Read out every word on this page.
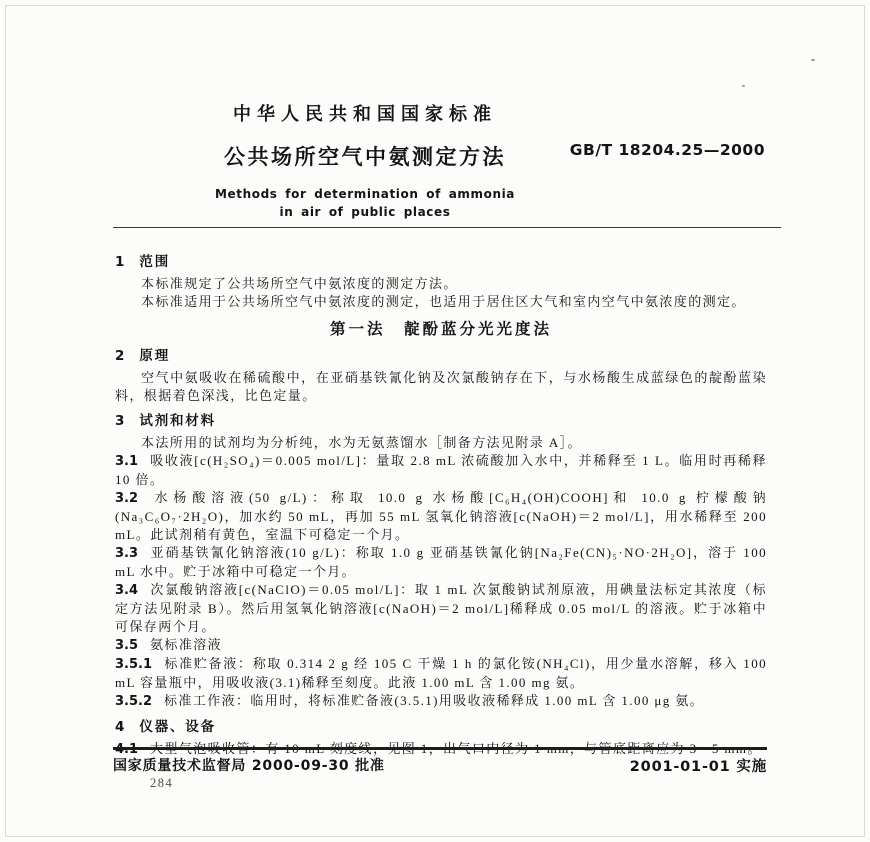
中华人民共和国国家标准
公共场所空气中氨测定方法
Methods for determination of ammonia
in air of public places
GB/T 18204.25—2000
1 范围

本标准规定了公共场所空气中氨浓度的测定方法。

本标准适用于公共场所空气中氨浓度的测定，也适用于居住区大气和室内空气中氨浓度的测定。

第一法　靛酚蓝分光光度法
2 原理

空气中氨吸收在稀硫酸中，在亚硝基铁氰化钠及次氯酸钠存在下，与水杨酸生成蓝绿色的靛酚蓝染料，根据着色深浅，比色定量。

3 试剂和材料

本法所用的试剂均为分析纯，水为无氨蒸馏水［制备方法见附录 A］。

3.1 吸收液[c(H₂SO₄)＝0.005 mol/L]：量取 2.8 mL 浓硫酸加入水中，并稀释至 1 L。临用时再稀释 10 倍。

3.2 水杨酸溶液(50 g/L)：称取 10.0 g 水杨酸[C₆H₄(OH)COOH]和 10.0 g 柠檬酸钠(Na₃C₆O₇·2H₂O)，加水约 50 mL，再加 55 mL 氢氧化钠溶液[c(NaOH)＝2 mol/L]，用水稀释至 200 mL。此试剂稍有黄色，室温下可稳定一个月。

3.3 亚硝基铁氰化钠溶液(10 g/L)：称取 1.0 g 亚硝基铁氰化钠[Na₂Fe(CN)₅·NO·2H₂O]，溶于 100 mL 水中。贮于冰箱中可稳定一个月。

3.4 次氯酸钠溶液[c(NaClO)＝0.05 mol/L]：取 1 mL 次氯酸钠试剂原液，用碘量法标定其浓度（标定方法见附录 B）。然后用氢氧化钠溶液[c(NaOH)＝2 mol/L]稀释成 0.05 mol/L 的溶液。贮于冰箱中可保存两个月。

3.5 氨标准溶液

3.5.1 标准贮备液：称取 0.314 2 g 经 105 C 干燥 1 h 的氯化铵(NH₄Cl)，用少量水溶解，移入 100 mL 容量瓶中，用吸收液(3.1)稀释至刻度。此液 1.00 mL 含 1.00 mg 氨。

3.5.2 标准工作液：临用时，将标准贮备液(3.5.1)用吸收液稀释成 1.00 mL 含 1.00 μg 氨。

4 仪器、设备

4.1 大型气泡吸收管：有 10 mL 刻度线，见图 1，出气口内径为 1 mm，与管底距离应为 3～5 mm。

国家质量技术监督局 2000-09-30 批准	2001-01-01 实施
284
